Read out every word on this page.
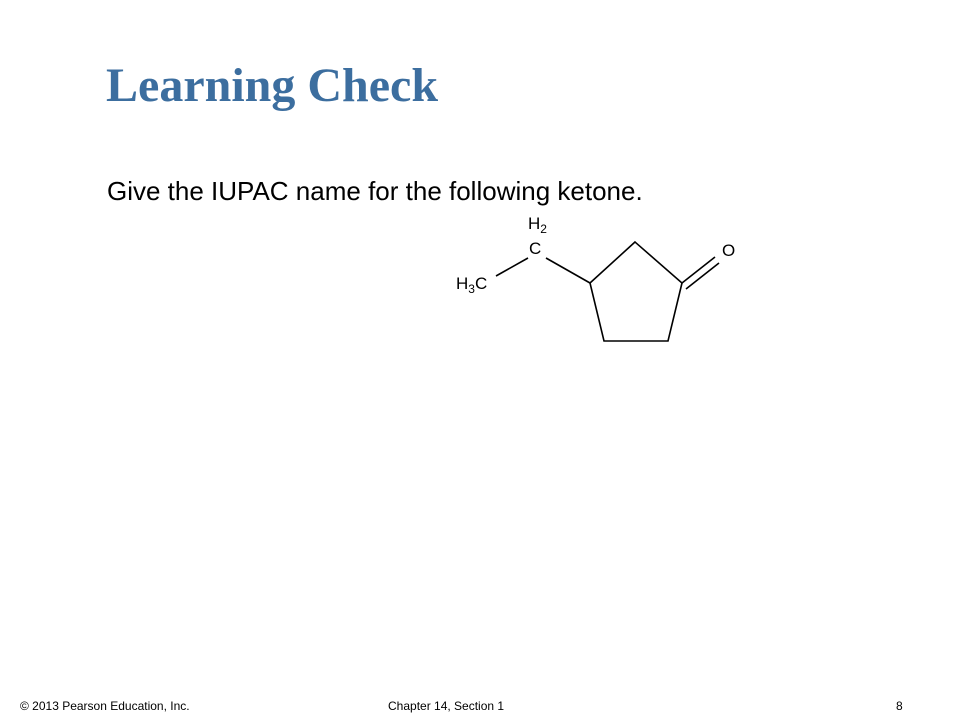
Learning Check
Give the IUPAC name for the following ketone.
$H_2$
C
$H_3C$
O
© 2013 Pearson Education, Inc.	Chapter 14, Section 1	8
